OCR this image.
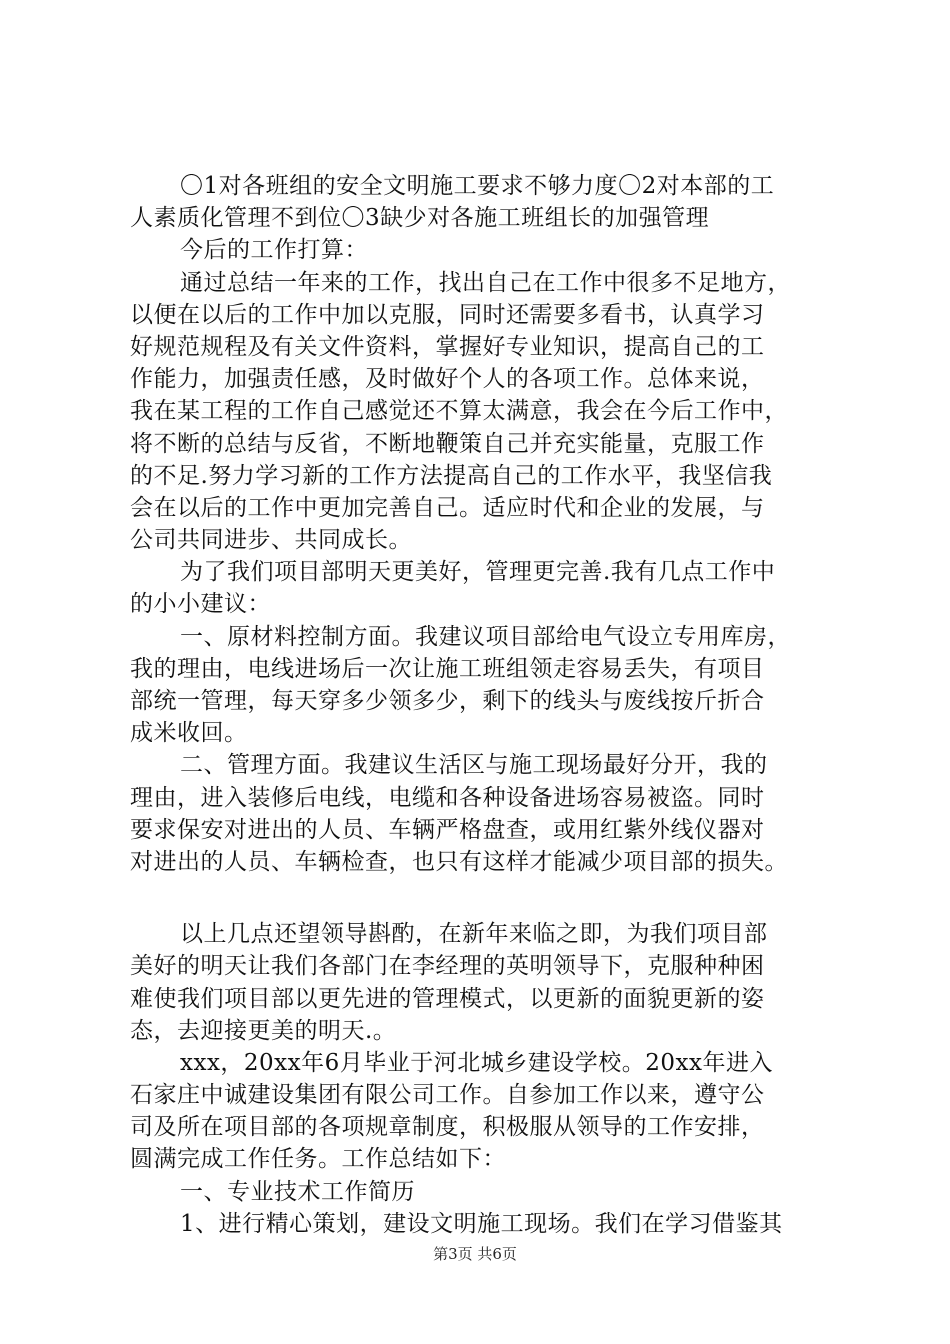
〇1对各班组的安全文明施工要求不够力度〇2对本部的工
人素质化管理不到位〇3缺少对各施工班组长的加强管理
今后的工作打算：
通过总结一年来的工作，找出自己在工作中很多不足地方，
以便在以后的工作中加以克服，同时还需要多看书，认真学习
好规范规程及有关文件资料，掌握好专业知识，提高自己的工
作能力，加强责任感，及时做好个人的各项工作。总体来说，
我在某工程的工作自己感觉还不算太满意，我会在今后工作中，
将不断的总结与反省，不断地鞭策自己并充实能量，克服工作
的不足.努力学习新的工作方法提高自己的工作水平，我坚信我
会在以后的工作中更加完善自己。适应时代和企业的发展，与
公司共同进步、共同成长。
为了我们项目部明天更美好，管理更完善.我有几点工作中
的小小建议：
一、原材料控制方面。我建议项目部给电气设立专用库房，
我的理由，电线进场后一次让施工班组领走容易丢失，有项目
部统一管理，每天穿多少领多少，剩下的线头与废线按斤折合
成米收回。
二、管理方面。我建议生活区与施工现场最好分开，我的
理由，进入装修后电线，电缆和各种设备进场容易被盗。同时
要求保安对进出的人员、车辆严格盘查，或用红紫外线仪器对
对进出的人员、车辆检查，也只有这样才能减少项目部的损失。
以上几点还望领导斟酌，在新年来临之即，为我们项目部
美好的明天让我们各部门在李经理的英明领导下，克服种种困
难使我们项目部以更先进的管理模式，以更新的面貌更新的姿
态，去迎接更美的明天.。
xxx，20xx年6月毕业于河北城乡建设学校。20xx年进入
石家庄中诚建设集团有限公司工作。自参加工作以来，遵守公
司及所在项目部的各项规章制度，积极服从领导的工作安排，
圆满完成工作任务。工作总结如下：
一、专业技术工作简历
1、进行精心策划，建设文明施工现场。我们在学习借鉴其
第3页 共6页
